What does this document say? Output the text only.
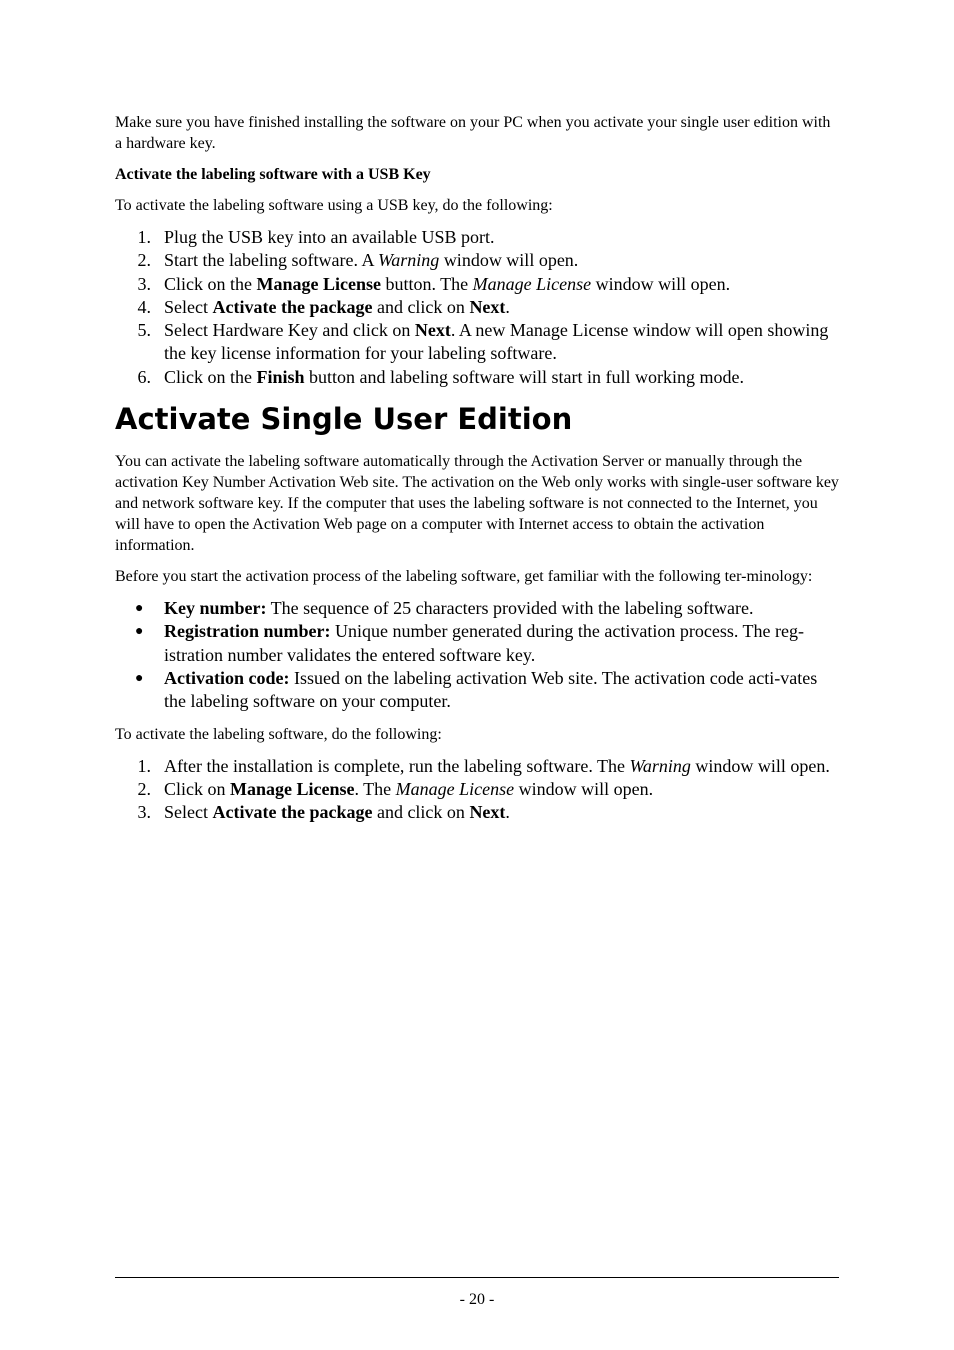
Make sure you have finished installing the software on your PC when you activate your single user edition with a hardware key.

Activate the labeling software with a USB Key

To activate the labeling software using a USB key, do the following:

1. Plug the USB key into an available USB port.
2. Start the labeling software. A Warning window will open.
3. Click on the Manage License button. The Manage License window will open.
4. Select Activate the package and click on Next.
5. Select Hardware Key and click on Next. A new Manage License window will open showing the key license information for your labeling software.
6. Click on the Finish button and labeling software will start in full working mode.
Activate Single User Edition

You can activate the labeling software automatically through the Activation Server or manually through the activation Key Number Activation Web site. The activation on the Web only works with single-user software key and network software key. If the computer that uses the labeling software is not connected to the Internet, you will have to open the Activation Web page on a computer with Internet access to obtain the activation information.

Before you start the activation process of the labeling software, get familiar with the following ter-minology:

● Key number: The sequence of 25 characters provided with the labeling software.
● Registration number: Unique number generated during the activation process. The reg-istration number validates the entered software key.
● Activation code: Issued on the labeling activation Web site. The activation code acti-vates the labeling software on your computer.

To activate the labeling software, do the following:

1. After the installation is complete, run the labeling software. The Warning window will open.
2. Click on Manage License. The Manage License window will open.
3. Select Activate the package and click on Next.
- 20 -
